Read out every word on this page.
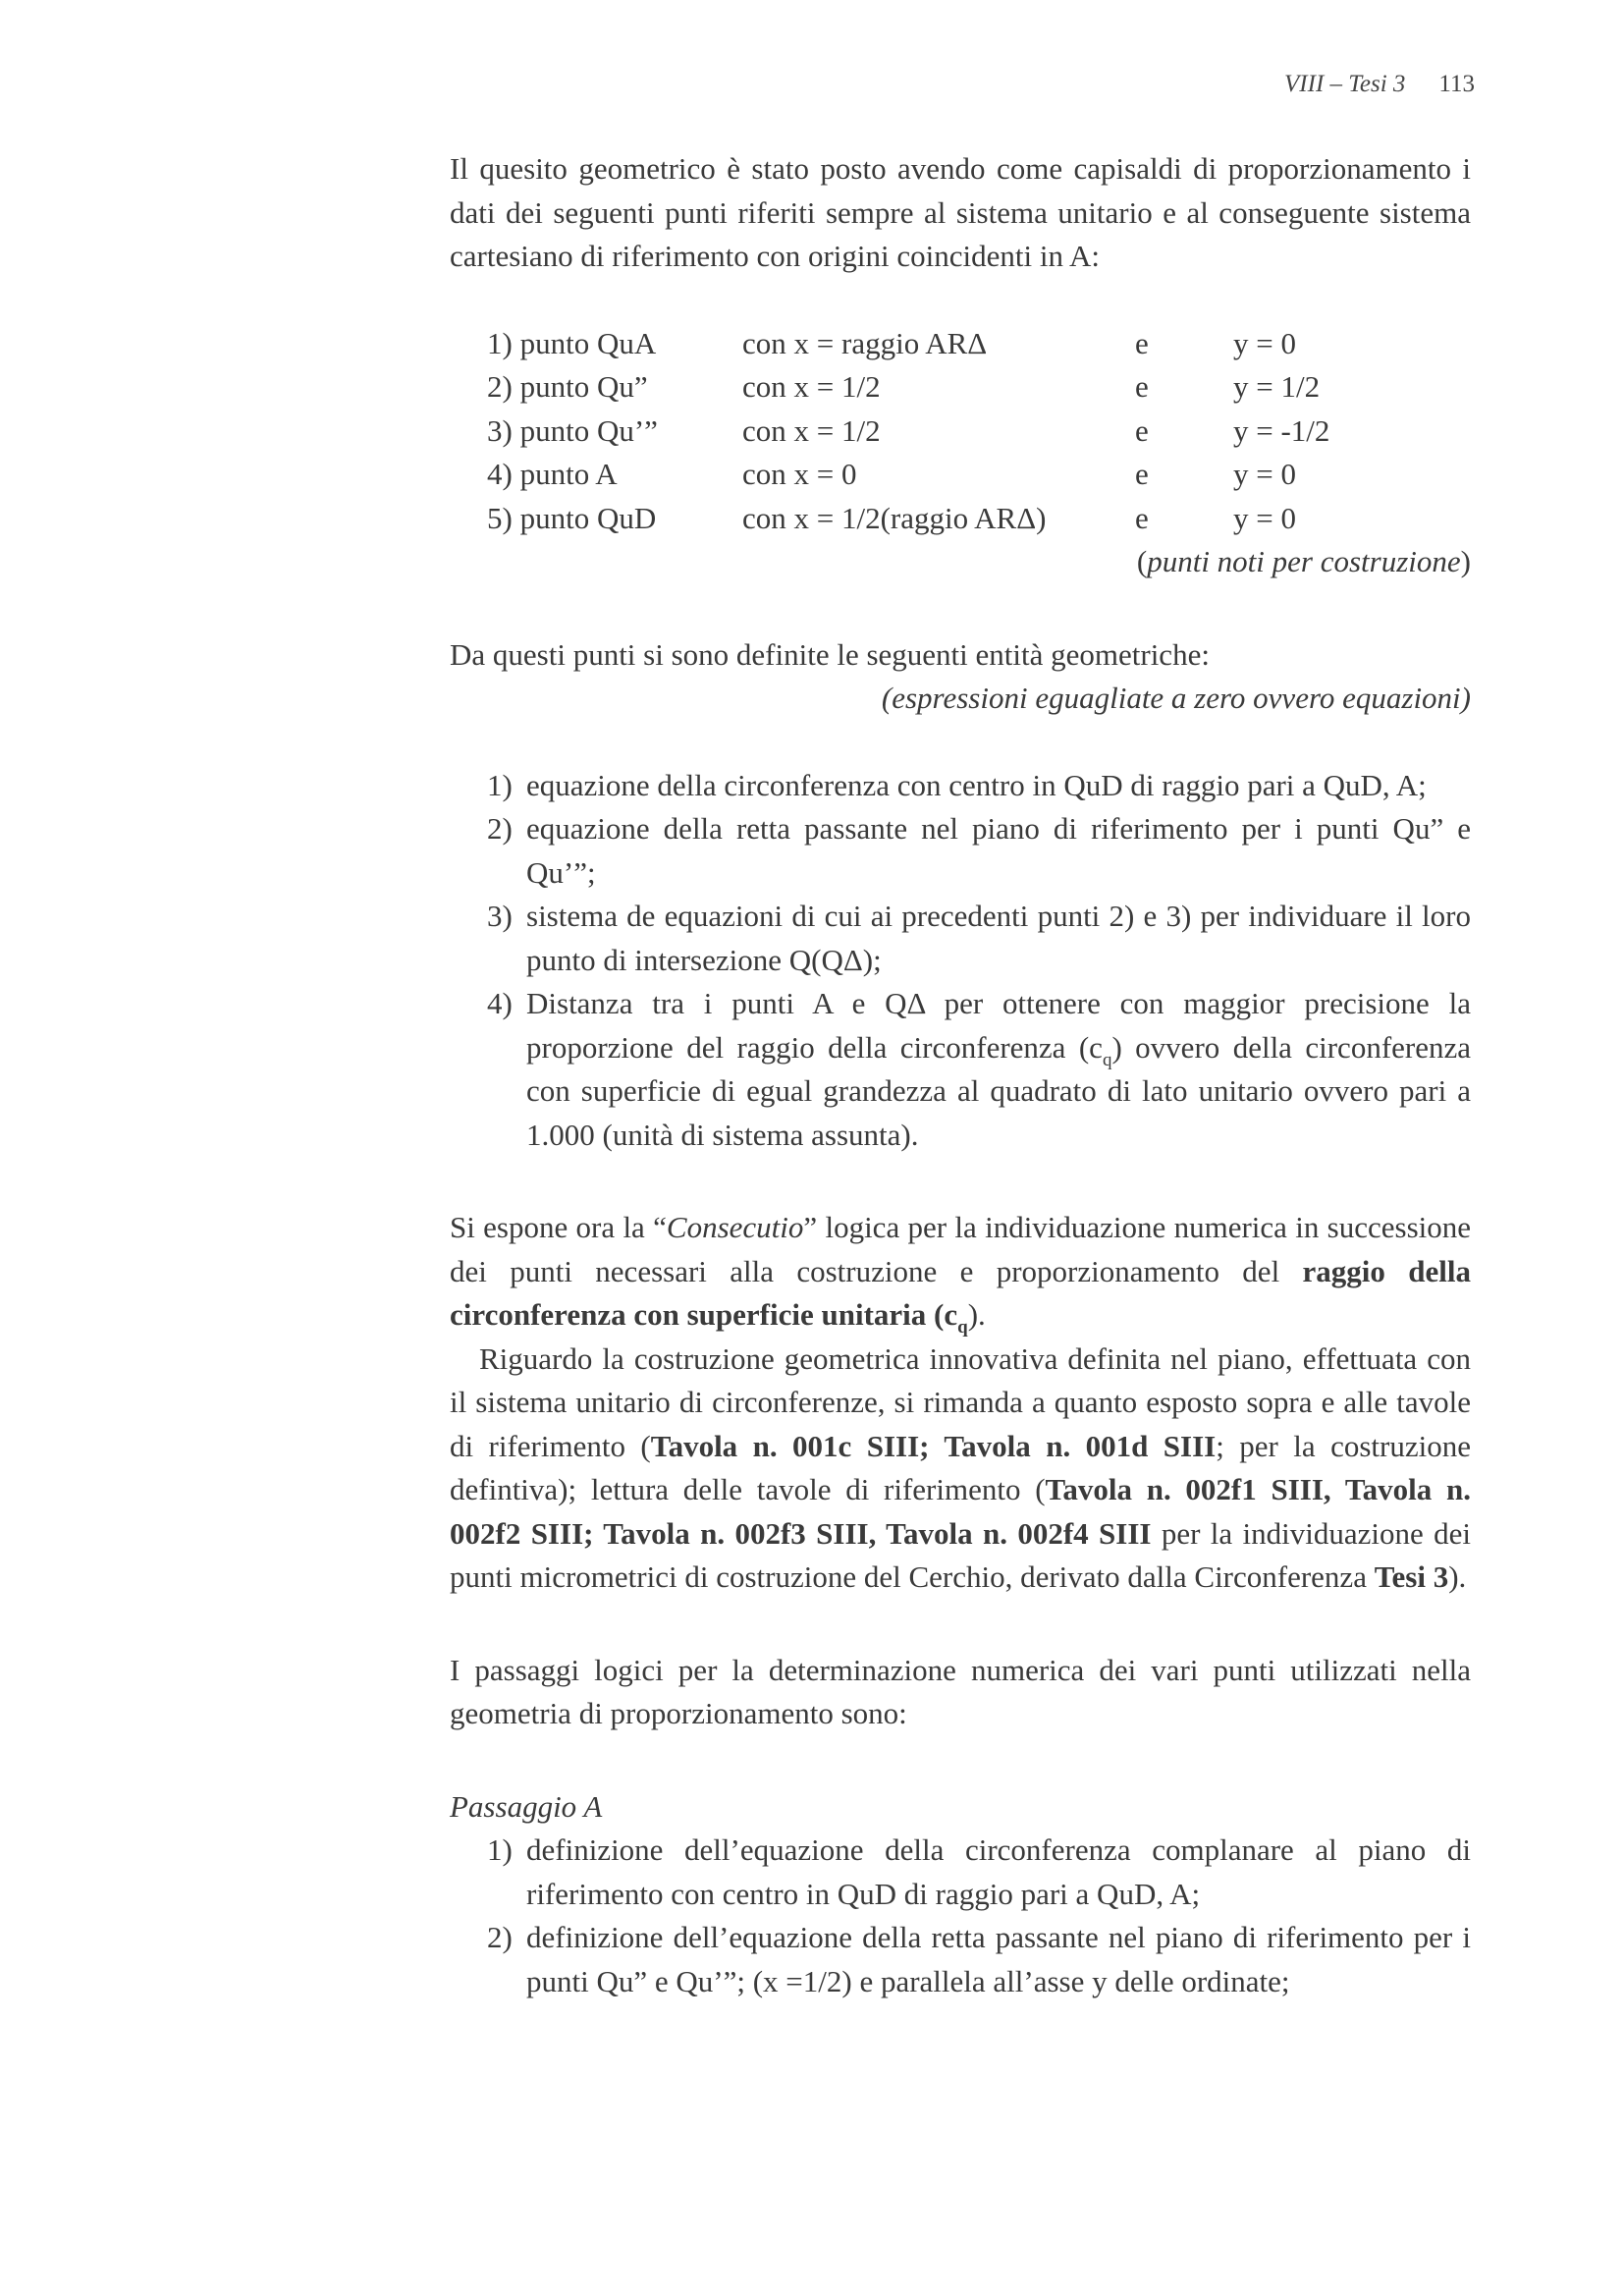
VIII – Tesi 3 113

Il quesito geometrico è stato posto avendo come capisaldi di proporzionamento i dati dei seguenti punti riferiti sempre al sistema unitario e al conseguente sistema cartesiano di riferimento con origini coincidenti in A:

1) punto QuA	con x = raggio ARΔ	e	y = 0
2) punto Qu”	con x = 1/2	e	y = 1/2
3) punto Qu’”	con x = 1/2	e	y = -1/2
4) punto A	con x = 0	e	y = 0
5) punto QuD	con x = 1/2(raggio ARΔ)	e	y = 0

(punti noti per costruzione)

Da questi punti si sono definite le seguenti entità geometriche:

(espressioni eguagliate a zero ovvero equazioni)

1) equazione della circonferenza con centro in QuD di raggio pari a QuD, A;
2) equazione della retta passante nel piano di riferimento per i punti Qu” e Qu’”;
3) sistema de equazioni di cui ai precedenti punti 2) e 3) per individuare il loro punto di intersezione Q(QΔ);
4) Distanza tra i punti A e QΔ per ottenere con maggior precisione la proporzione del raggio della circonferenza $(c_q)$ ovvero della circonferenza con superficie di egual grandezza al quadrato di lato unitario ovvero pari a 1.000 (unità di sistema assunta).

Si espone ora la “Consecutio” logica per la individuazione numerica in successione dei punti necessari alla costruzione e proporzionamento del raggio della circonferenza con superficie unitaria $(c_q)$.

Riguardo la costruzione geometrica innovativa definita nel piano, effettuata con il sistema unitario di circonferenze, si rimanda a quanto esposto sopra e alle tavole di riferimento (Tavola n. 001c SIII; Tavola n. 001d SIII; per la costruzione defintiva); lettura delle tavole di riferimento (Tavola n. 002f1 SIII, Tavola n. 002f2 SIII; Tavola n. 002f3 SIII, Tavola n. 002f4 SIII per la individuazione dei punti micrometrici di costruzione del Cerchio, derivato dalla Circonferenza Tesi 3).

I passaggi logici per la determinazione numerica dei vari punti utilizzati nella geometria di proporzionamento sono:

Passaggio A

1) definizione dell’equazione della circonferenza complanare al piano di riferimento con centro in QuD di raggio pari a QuD, A;
2) definizione dell’equazione della retta passante nel piano di riferimento per i punti Qu” e Qu’”; (x =1/2) e parallela all’asse y delle ordinate;
